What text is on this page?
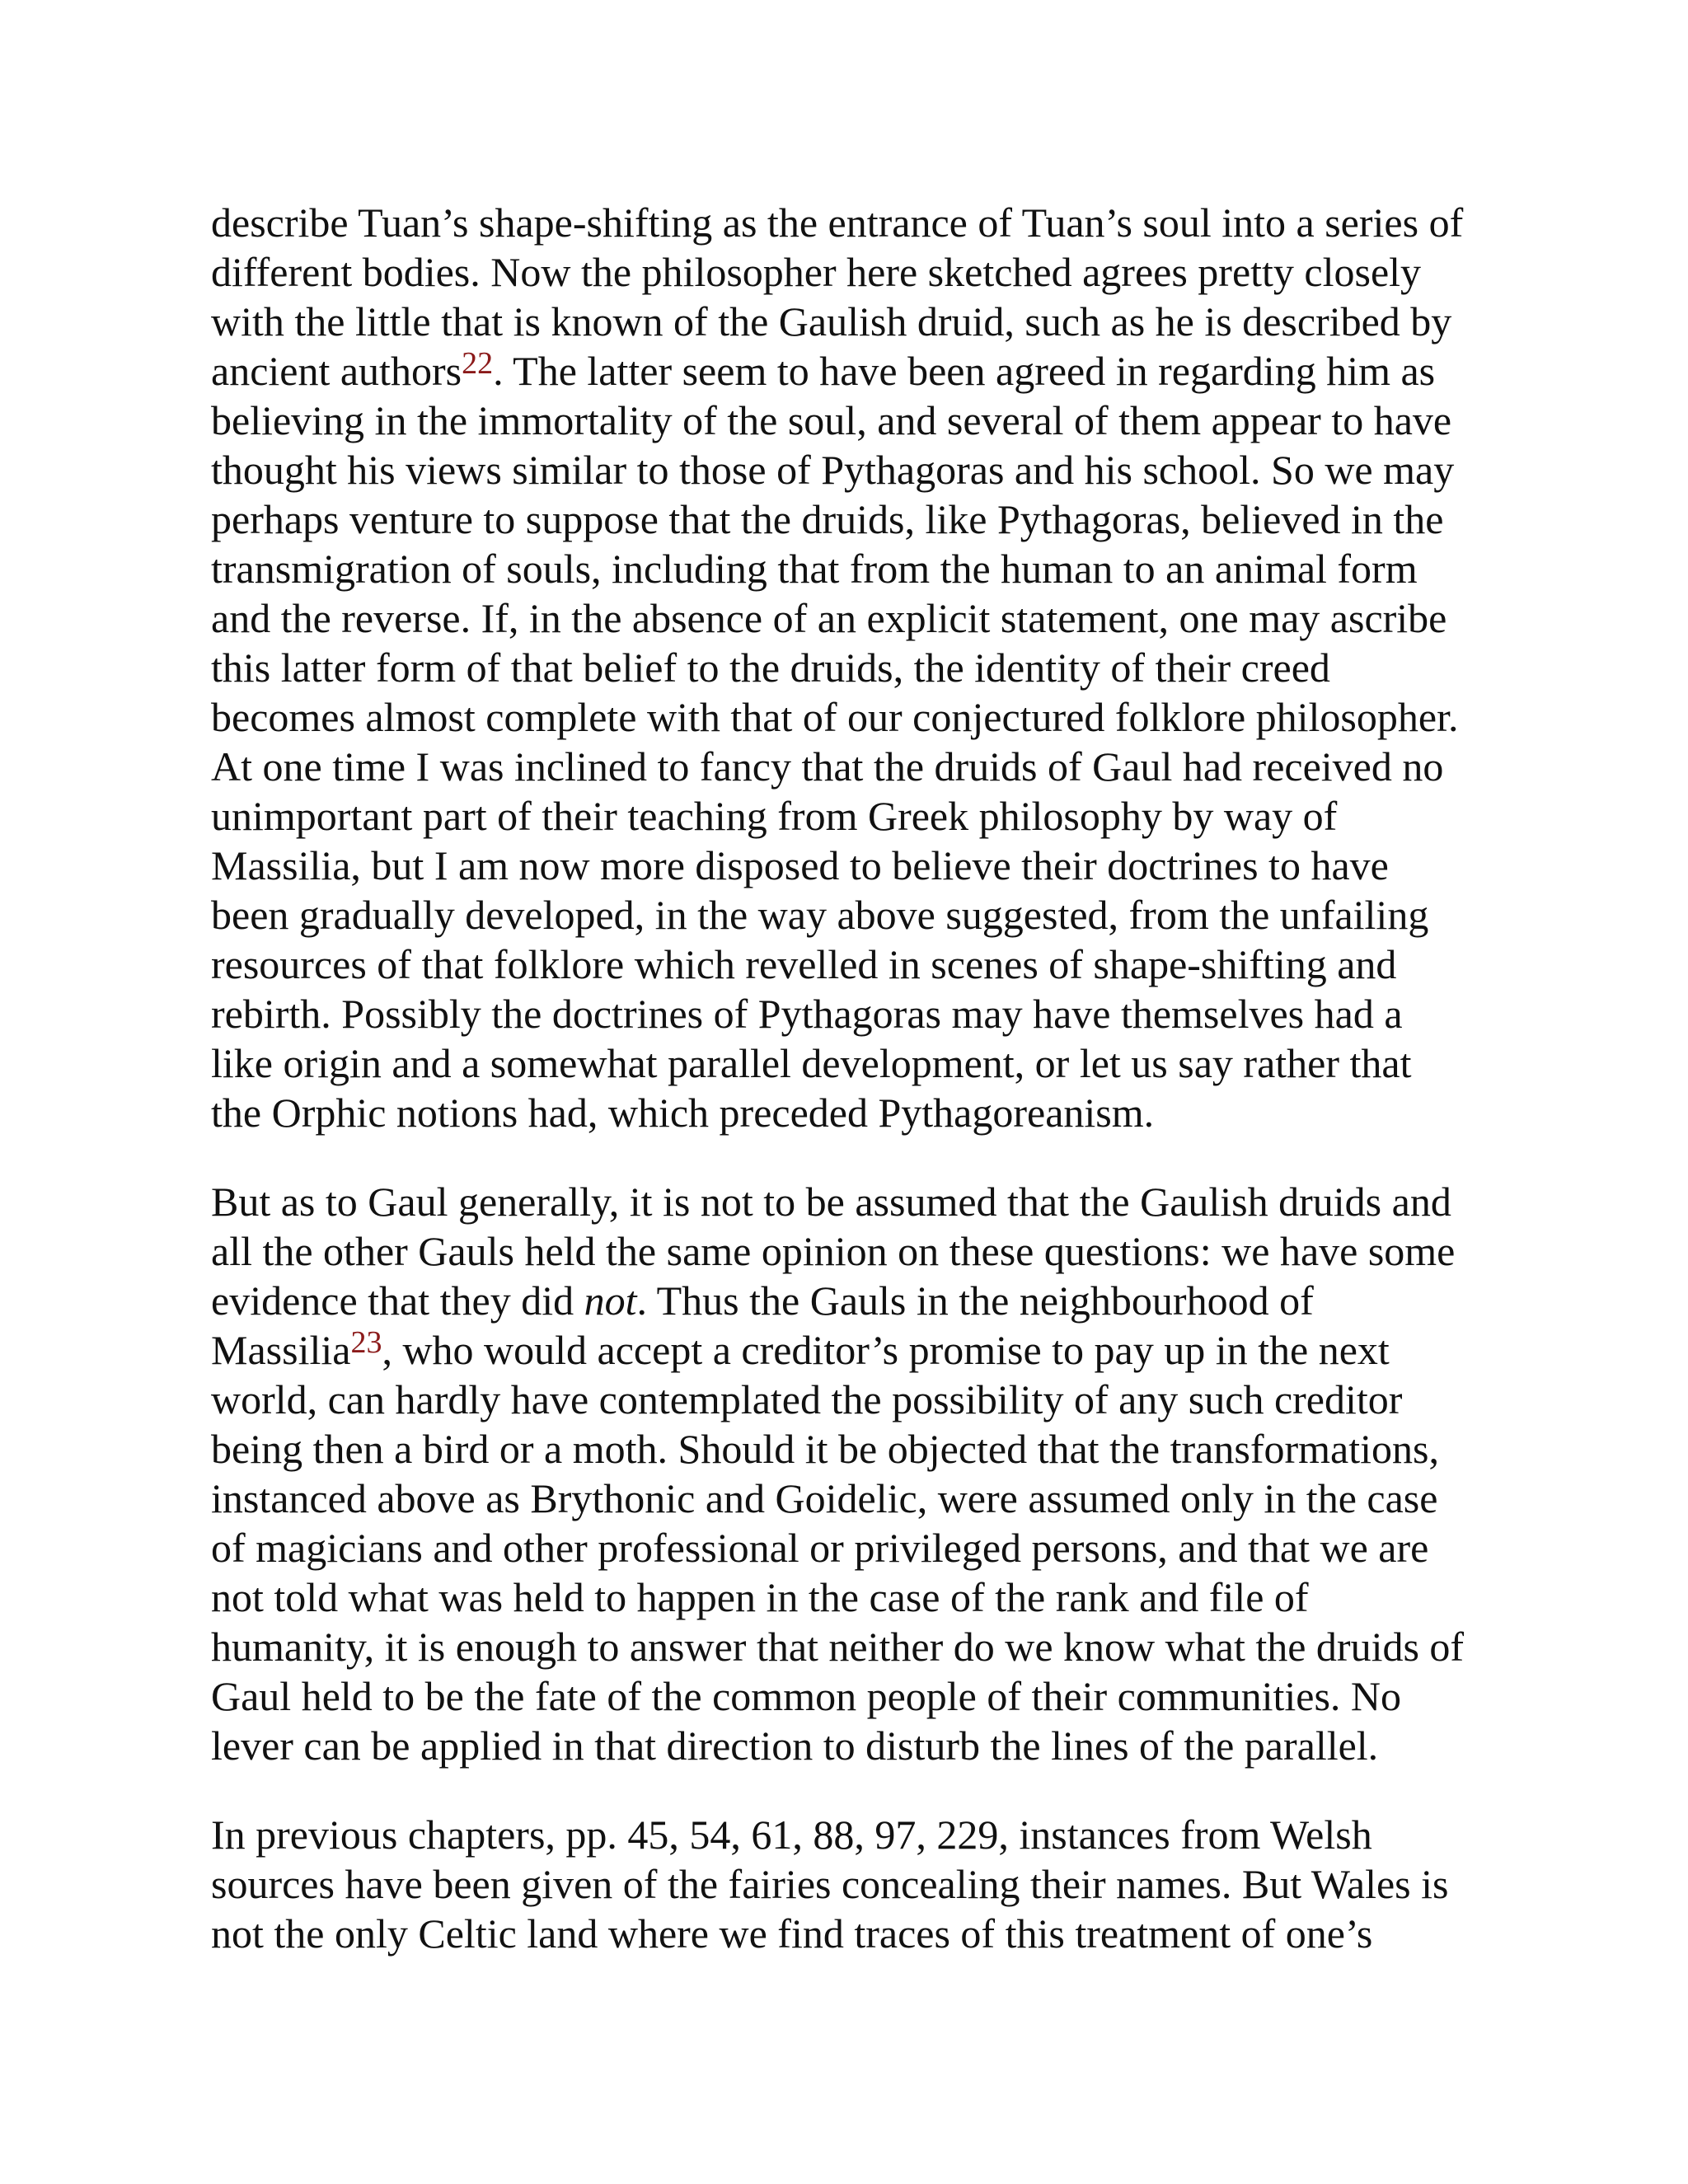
describe Tuan’s shape-shifting as the entrance of Tuan’s soul into a series of
different bodies. Now the philosopher here sketched agrees pretty closely
with the little that is known of the Gaulish druid, such as he is described by
ancient authors$^{22}$. The latter seem to have been agreed in regarding him as
believing in the immortality of the soul, and several of them appear to have
thought his views similar to those of Pythagoras and his school. So we may
perhaps venture to suppose that the druids, like Pythagoras, believed in the
transmigration of souls, including that from the human to an animal form
and the reverse. If, in the absence of an explicit statement, one may ascribe
this latter form of that belief to the druids, the identity of their creed
becomes almost complete with that of our conjectured folklore philosopher.
At one time I was inclined to fancy that the druids of Gaul had received no
unimportant part of their teaching from Greek philosophy by way of
Massilia, but I am now more disposed to believe their doctrines to have
been gradually developed, in the way above suggested, from the unfailing
resources of that folklore which revelled in scenes of shape-shifting and
rebirth. Possibly the doctrines of Pythagoras may have themselves had a
like origin and a somewhat parallel development, or let us say rather that
the Orphic notions had, which preceded Pythagoreanism.

But as to Gaul generally, it is not to be assumed that the Gaulish druids and
all the other Gauls held the same opinion on these questions: we have some
evidence that they did not. Thus the Gauls in the neighbourhood of
Massilia$^{23}$, who would accept a creditor’s promise to pay up in the next
world, can hardly have contemplated the possibility of any such creditor
being then a bird or a moth. Should it be objected that the transformations,
instanced above as Brythonic and Goidelic, were assumed only in the case
of magicians and other professional or privileged persons, and that we are
not told what was held to happen in the case of the rank and file of
humanity, it is enough to answer that neither do we know what the druids of
Gaul held to be the fate of the common people of their communities. No
lever can be applied in that direction to disturb the lines of the parallel.

In previous chapters, pp. 45, 54, 61, 88, 97, 229, instances from Welsh
sources have been given of the fairies concealing their names. But Wales is
not the only Celtic land where we find traces of this treatment of one’s
